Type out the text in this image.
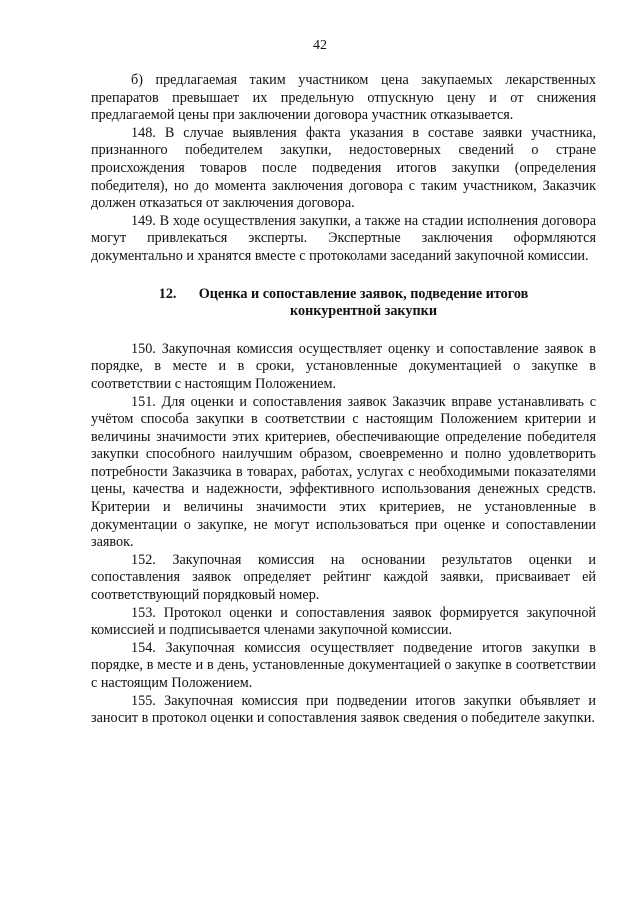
42

б) предлагаемая таким участником цена закупаемых лекарственных препаратов превышает их предельную отпускную цену и от снижения предлагаемой цены при заключении договора участник отказывается.

148. В случае выявления факта указания в составе заявки участника, признанного победителем закупки, недостоверных сведений о стране происхождения товаров после подведения итогов закупки (определения победителя), но до момента заключения договора с таким участником, Заказчик должен отказаться от заключения договора.

149. В ходе осуществления закупки, а также на стадии исполнения договора могут привлекаться эксперты. Экспертные заключения оформляются документально и хранятся вместе с протоколами заседаний закупочной комиссии.

12. Оценка и сопоставление заявок, подведение итогов
конкурентной закупки

150. Закупочная комиссия осуществляет оценку и сопоставление заявок в порядке, в месте и в сроки, установленные документацией о закупке в соответствии с настоящим Положением.

151. Для оценки и сопоставления заявок Заказчик вправе устанавливать с учётом способа закупки в соответствии с настоящим Положением критерии и величины значимости этих критериев, обеспечивающие определение победителя закупки способного наилучшим образом, своевременно и полно удовлетворить потребности Заказчика в товарах, работах, услугах с необходимыми показателями цены, качества и надежности, эффективного использования денежных средств. Критерии и величины значимости этих критериев, не установленные в документации о закупке, не могут использоваться при оценке и сопоставлении заявок.

152. Закупочная комиссия на основании результатов оценки и сопоставления заявок определяет рейтинг каждой заявки, присваивает ей соответствующий порядковый номер.

153. Протокол оценки и сопоставления заявок формируется закупочной комиссией и подписывается членами закупочной комиссии.

154. Закупочная комиссия осуществляет подведение итогов закупки в порядке, в месте и в день, установленные документацией о закупке в соответствии с настоящим Положением.

155. Закупочная комиссия при подведении итогов закупки объявляет и заносит в протокол оценки и сопоставления заявок сведения о победителе закупки.
